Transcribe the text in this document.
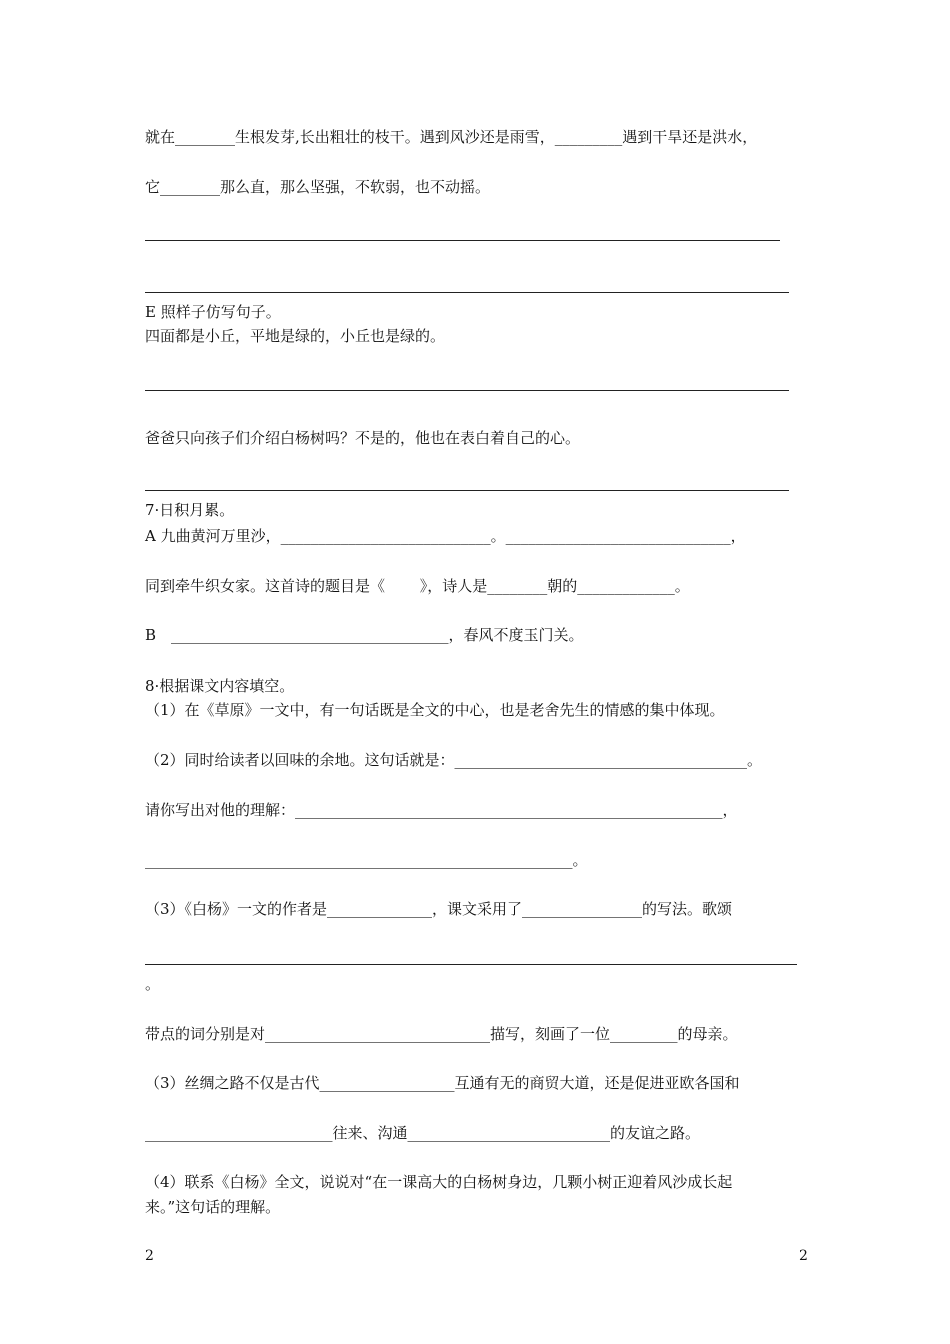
就在________生根发芽,长出粗壮的枝干。遇到风沙还是雨雪，_________遇到干旱还是洪水，
它________那么直，那么坚强，不软弱，也不动摇。
E 照样子仿写句子。
四面都是小丘，平地是绿的，小丘也是绿的。
爸爸只向孩子们介绍白杨树吗？不是的，他也在表白着自己的心。
7·日积月累。
A 九曲黄河万里沙，____________________________。______________________________，
同到牵牛织女家。这首诗的题目是《　　 》，诗人是________朝的_____________。
B　_____________________________________，春风不度玉门关。
8·根据课文内容填空。
（1）在《草原》一文中，有一句话既是全文的中心，也是老舍先生的情感的集中体现。
（2）同时给读者以回味的余地。这句话就是：_______________________________________。
请你写出对他的理解：_________________________________________________________，
_________________________________________________________。
（3）《白杨》一文的作者是______________，课文采用了________________的写法。歌颂
。
带点的词分别是对______________________________描写，刻画了一位_________的母亲。
（3）丝绸之路不仅是古代__________________互通有无的商贸大道，还是促进亚欧各国和
_________________________往来、沟通___________________________的友谊之路。
（4）联系《白杨》全文，说说对“在一课高大的白杨树身边，几颗小树正迎着风沙成长起
来。”这句话的理解。
2	2
